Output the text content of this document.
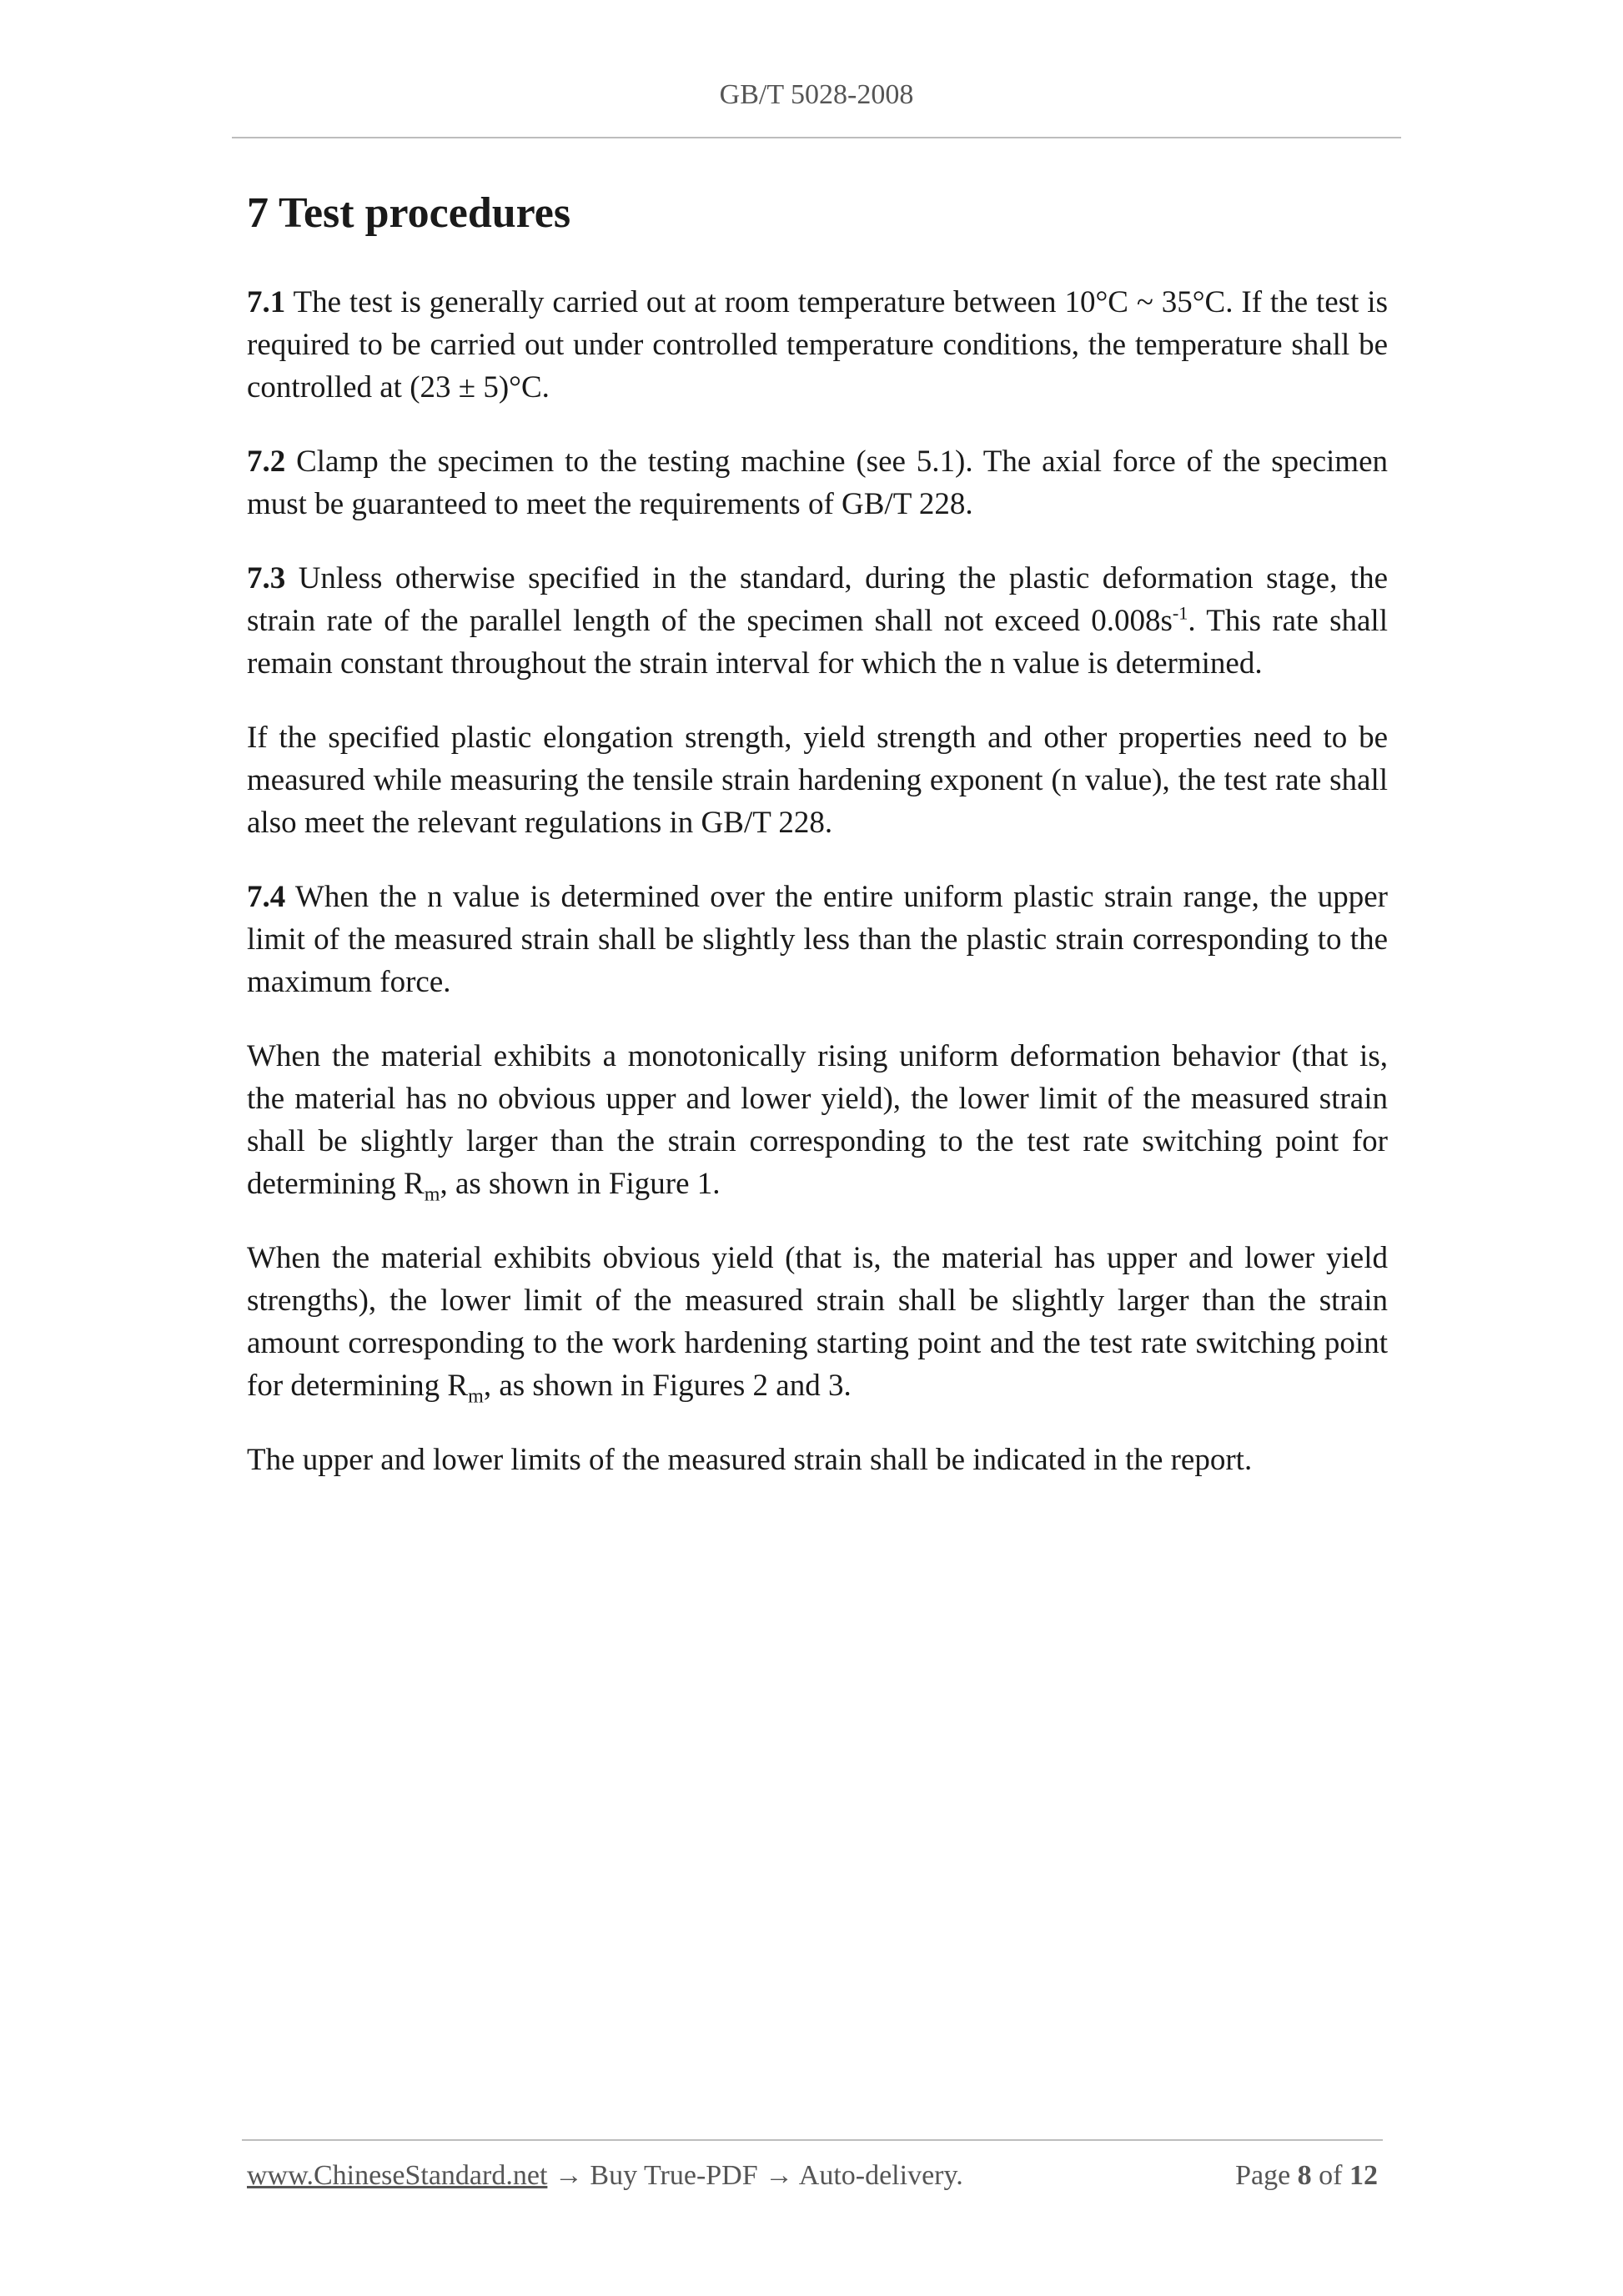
GB/T 5028-2008
7 Test procedures

7.1 The test is generally carried out at room temperature between 10°C ~ 35°C. If the test is required to be carried out under controlled temperature conditions, the temperature shall be controlled at (23 ± 5)°C.

7.2 Clamp the specimen to the testing machine (see 5.1). The axial force of the specimen must be guaranteed to meet the requirements of GB/T 228.

7.3 Unless otherwise specified in the standard, during the plastic deformation stage, the strain rate of the parallel length of the specimen shall not exceed $0.008s^{-1}$. This rate shall remain constant throughout the strain interval for which the n value is determined.

If the specified plastic elongation strength, yield strength and other properties need to be measured while measuring the tensile strain hardening exponent (n value), the test rate shall also meet the relevant regulations in GB/T 228.

7.4 When the n value is determined over the entire uniform plastic strain range, the upper limit of the measured strain shall be slightly less than the plastic strain corresponding to the maximum force.

When the material exhibits a monotonically rising uniform deformation behavior (that is, the material has no obvious upper and lower yield), the lower limit of the measured strain shall be slightly larger than the strain corresponding to the test rate switching point for determining $R_m$, as shown in Figure 1.

When the material exhibits obvious yield (that is, the material has upper and lower yield strengths), the lower limit of the measured strain shall be slightly larger than the strain amount corresponding to the work hardening starting point and the test rate switching point for determining $R_m$, as shown in Figures 2 and 3.

The upper and lower limits of the measured strain shall be indicated in the report.

www.ChineseStandard.net → Buy True-PDF → Auto-delivery.	Page 8 of 12
